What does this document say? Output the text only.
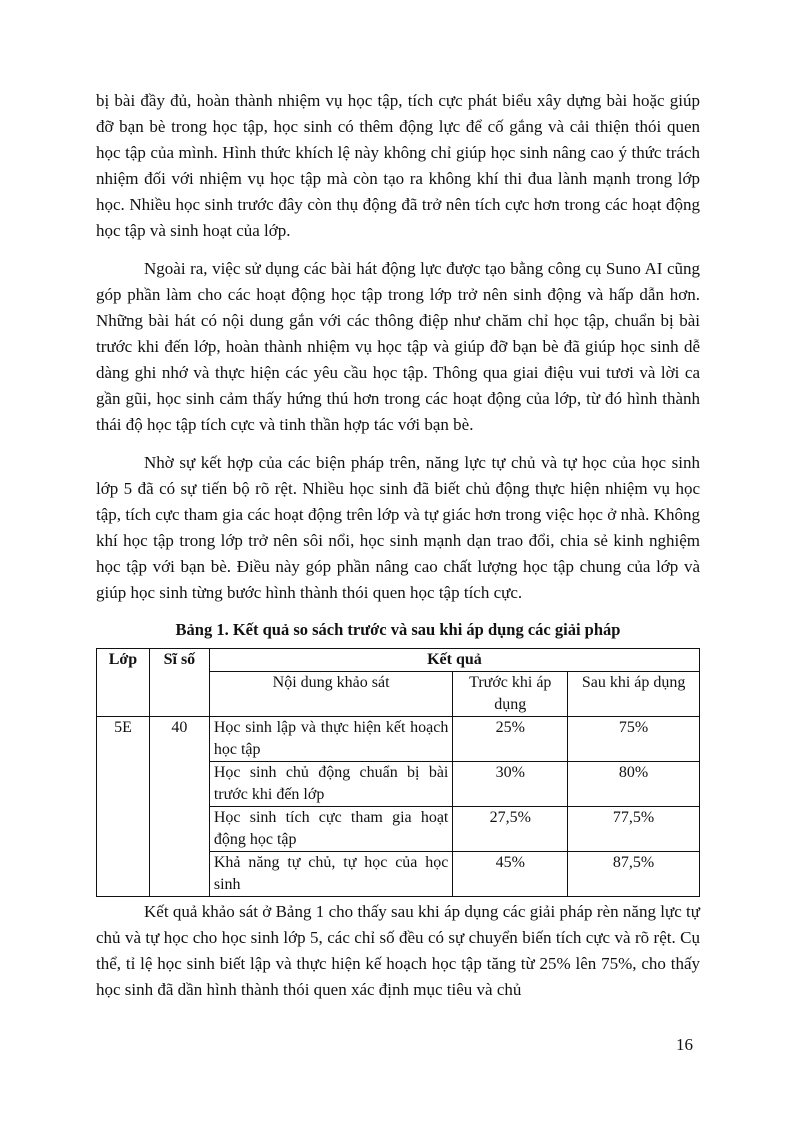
bị bài đầy đủ, hoàn thành nhiệm vụ học tập, tích cực phát biểu xây dựng bài hoặc giúp đỡ bạn bè trong học tập, học sinh có thêm động lực để cố gắng và cải thiện thói quen học tập của mình. Hình thức khích lệ này không chỉ giúp học sinh nâng cao ý thức trách nhiệm đối với nhiệm vụ học tập mà còn tạo ra không khí thi đua lành mạnh trong lớp học. Nhiều học sinh trước đây còn thụ động đã trở nên tích cực hơn trong các hoạt động học tập và sinh hoạt của lớp.

Ngoài ra, việc sử dụng các bài hát động lực được tạo bằng công cụ Suno AI cũng góp phần làm cho các hoạt động học tập trong lớp trở nên sinh động và hấp dẫn hơn. Những bài hát có nội dung gắn với các thông điệp như chăm chỉ học tập, chuẩn bị bài trước khi đến lớp, hoàn thành nhiệm vụ học tập và giúp đỡ bạn bè đã giúp học sinh dễ dàng ghi nhớ và thực hiện các yêu cầu học tập. Thông qua giai điệu vui tươi và lời ca gần gũi, học sinh cảm thấy hứng thú hơn trong các hoạt động của lớp, từ đó hình thành thái độ học tập tích cực và tinh thần hợp tác với bạn bè.

Nhờ sự kết hợp của các biện pháp trên, năng lực tự chủ và tự học của học sinh lớp 5 đã có sự tiến bộ rõ rệt. Nhiều học sinh đã biết chủ động thực hiện nhiệm vụ học tập, tích cực tham gia các hoạt động trên lớp và tự giác hơn trong việc học ở nhà. Không khí học tập trong lớp trở nên sôi nổi, học sinh mạnh dạn trao đổi, chia sẻ kinh nghiệm học tập với bạn bè. Điều này góp phần nâng cao chất lượng học tập chung của lớp và giúp học sinh từng bước hình thành thói quen học tập tích cực.

Bảng 1. Kết quả so sách trước và sau khi áp dụng các giải pháp
Lớp	Sĩ số	Kết quả		
		Nội dung khảo sát	Trước khi áp dụng	Sau khi áp dụng
5E	40	Học sinh lập và thực hiện kết hoạch học tập	25%	75%
		Học sinh chủ động chuẩn bị bài trước khi đến lớp	30%	80%
		Học sinh tích cực tham gia hoạt động học tập	27,5%	77,5%
		Khả năng tự chủ, tự học của học sinh	45%	87,5%

Kết quả khảo sát ở Bảng 1 cho thấy sau khi áp dụng các giải pháp rèn năng lực tự chủ và tự học cho học sinh lớp 5, các chỉ số đều có sự chuyển biến tích cực và rõ rệt. Cụ thể, tỉ lệ học sinh biết lập và thực hiện kế hoạch học tập tăng từ 25% lên 75%, cho thấy học sinh đã dần hình thành thói quen xác định mục tiêu và chủ

16
